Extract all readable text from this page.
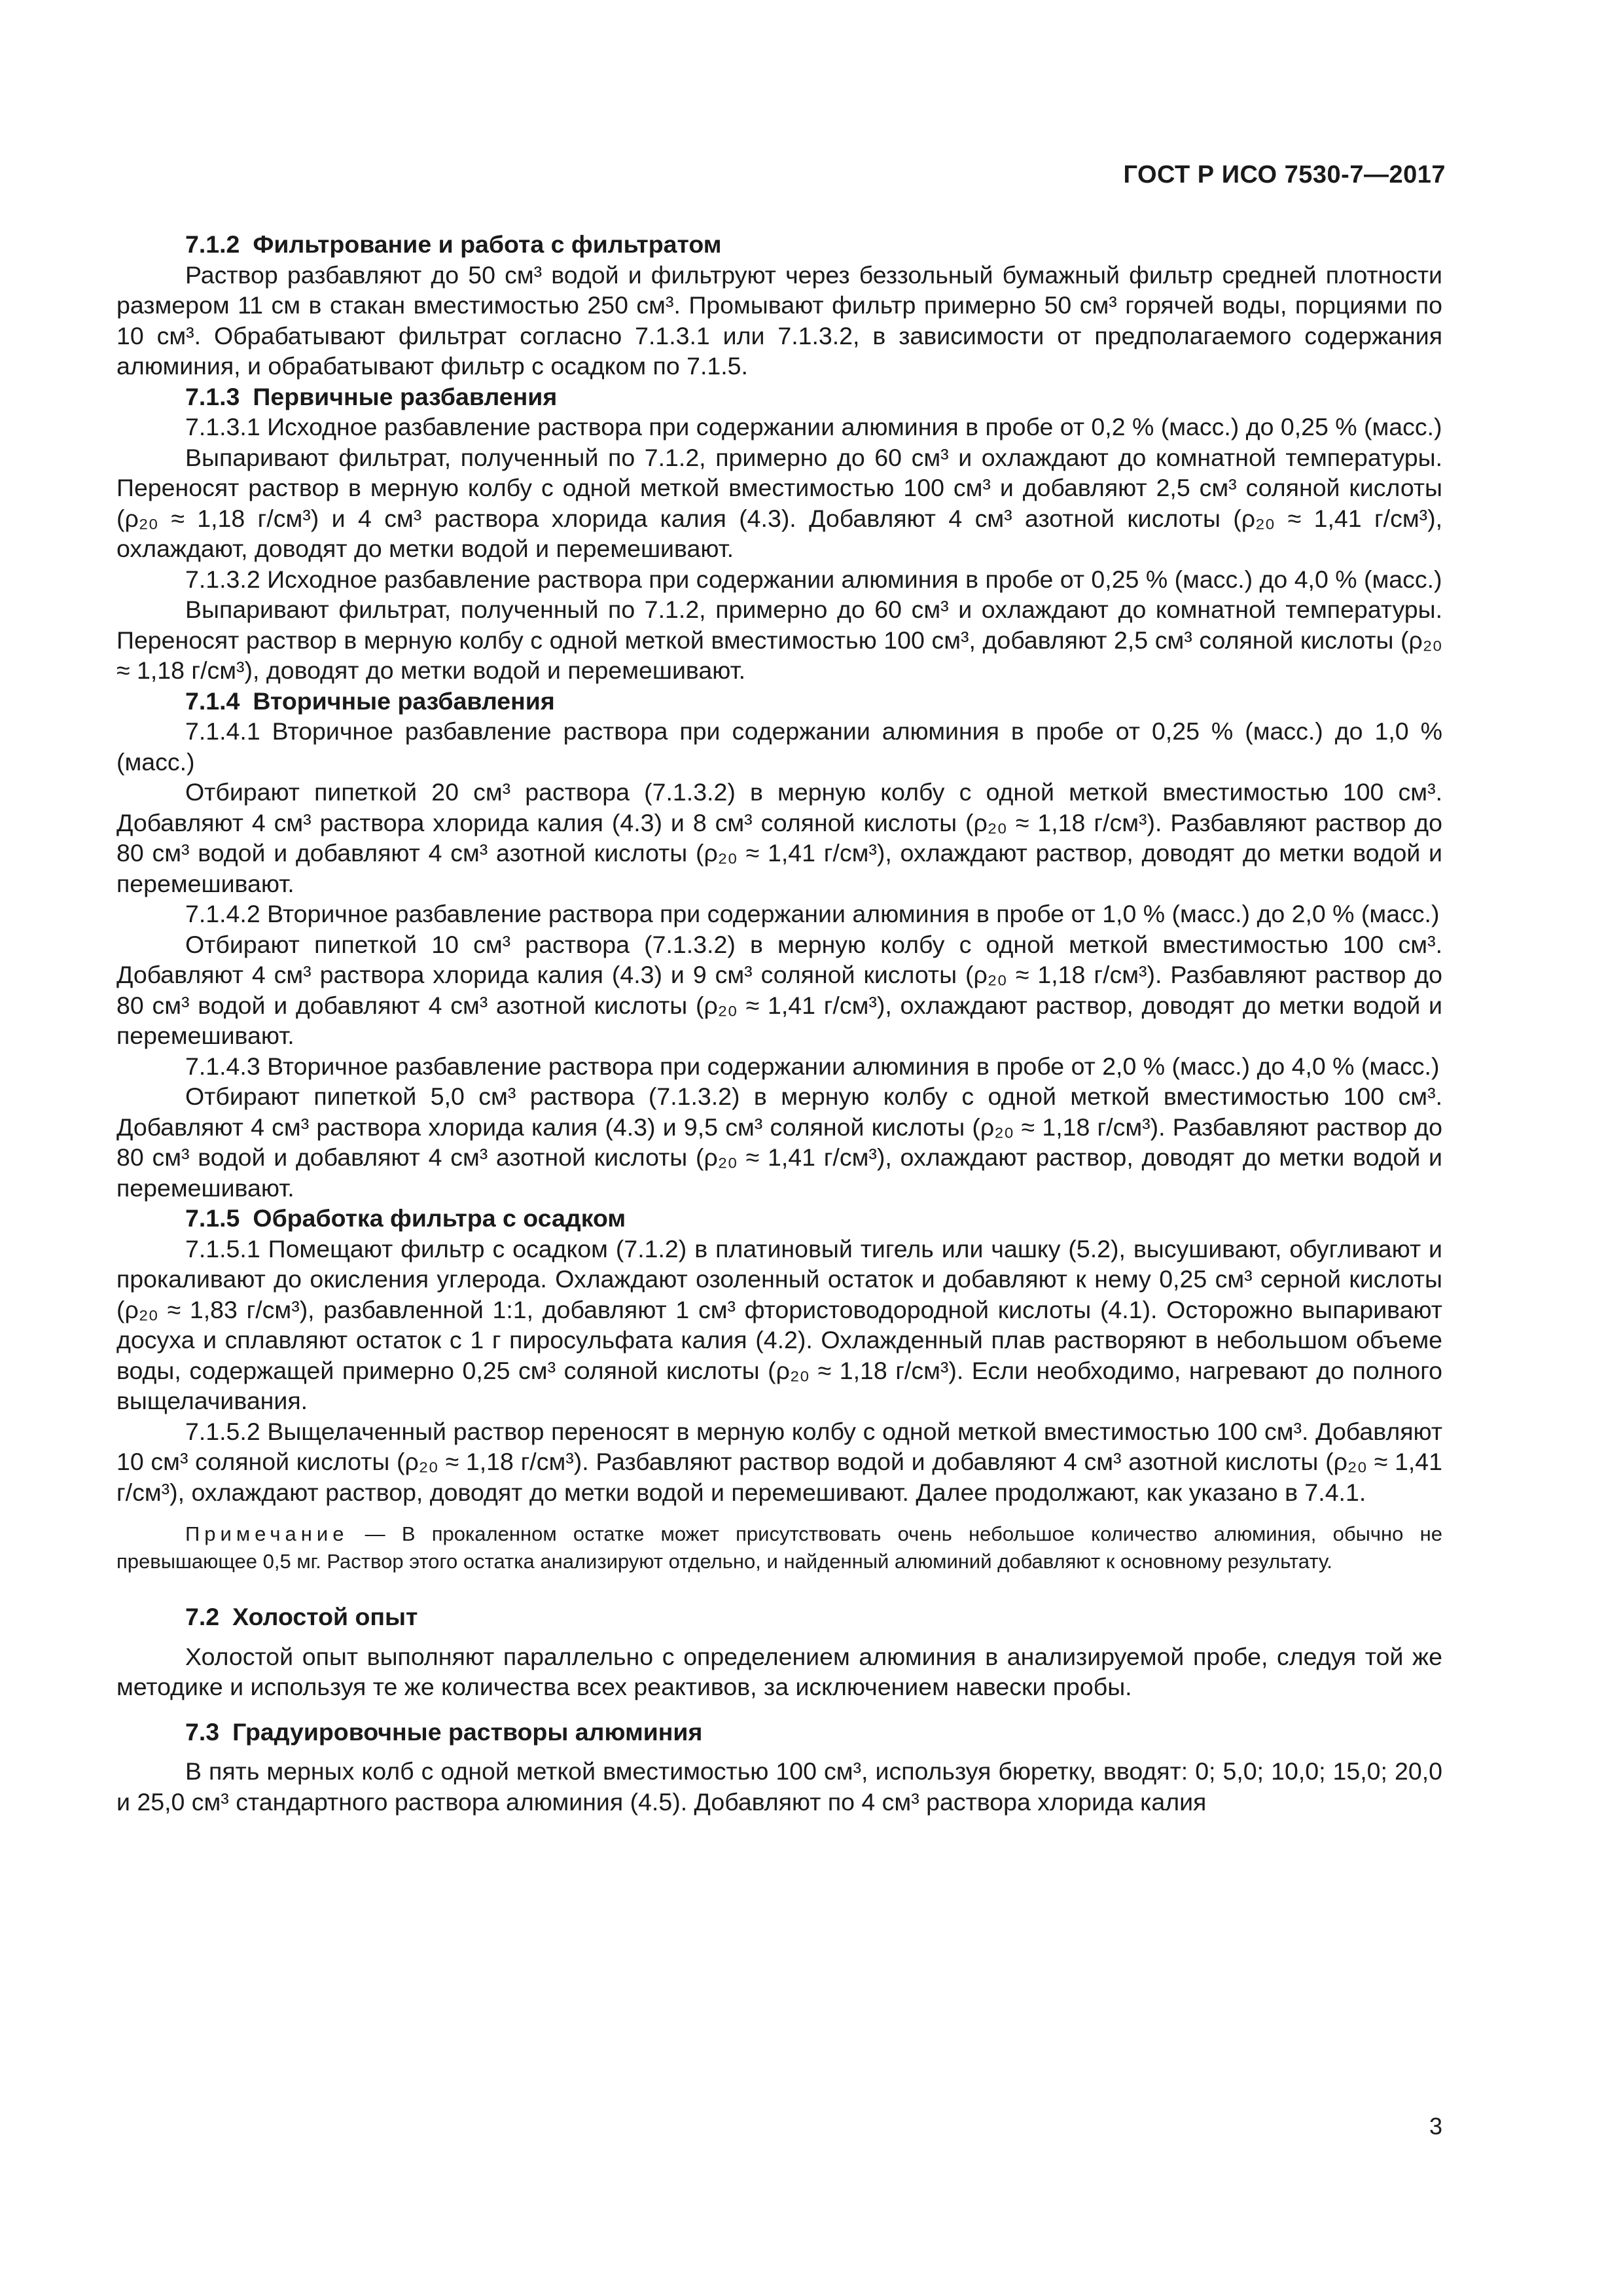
ГОСТ Р ИСО 7530-7—2017
7.1.2 Фильтрование и работа с фильтратом
Раствор разбавляют до 50 см³ водой и фильтруют через беззольный бумажный фильтр средней плотности размером 11 см в стакан вместимостью 250 см³. Промывают фильтр примерно 50 см³ горячей воды, порциями по 10 см³. Обрабатывают фильтрат согласно 7.1.3.1 или 7.1.3.2, в зависимости от предполагаемого содержания алюминия, и обрабатывают фильтр с осадком по 7.1.5.
7.1.3 Первичные разбавления
7.1.3.1 Исходное разбавление раствора при содержании алюминия в пробе от 0,2 % (масс.) до 0,25 % (масс.)
Выпаривают фильтрат, полученный по 7.1.2, примерно до 60 см³ и охлаждают до комнатной температуры. Переносят раствор в мерную колбу с одной меткой вместимостью 100 см³ и добавляют 2,5 см³ соляной кислоты (ρ₂₀ ≈ 1,18 г/см³) и 4 см³ раствора хлорида калия (4.3). Добавляют 4 см³ азотной кислоты (ρ₂₀ ≈ 1,41 г/см³), охлаждают, доводят до метки водой и перемешивают.
7.1.3.2 Исходное разбавление раствора при содержании алюминия в пробе от 0,25 % (масс.) до 4,0 % (масс.)
Выпаривают фильтрат, полученный по 7.1.2, примерно до 60 см³ и охлаждают до комнатной температуры. Переносят раствор в мерную колбу с одной меткой вместимостью 100 см³, добавляют 2,5 см³ соляной кислоты (ρ₂₀ ≈ 1,18 г/см³), доводят до метки водой и перемешивают.
7.1.4 Вторичные разбавления
7.1.4.1 Вторичное разбавление раствора при содержании алюминия в пробе от 0,25 % (масс.) до 1,0 % (масс.)
Отбирают пипеткой 20 см³ раствора (7.1.3.2) в мерную колбу с одной меткой вместимостью 100 см³. Добавляют 4 см³ раствора хлорида калия (4.3) и 8 см³ соляной кислоты (ρ₂₀ ≈ 1,18 г/см³). Разбавляют раствор до 80 см³ водой и добавляют 4 см³ азотной кислоты (ρ₂₀ ≈ 1,41 г/см³), охлаждают раствор, доводят до метки водой и перемешивают.
7.1.4.2 Вторичное разбавление раствора при содержании алюминия в пробе от 1,0 % (масс.) до 2,0 % (масс.)
Отбирают пипеткой 10 см³ раствора (7.1.3.2) в мерную колбу с одной меткой вместимостью 100 см³. Добавляют 4 см³ раствора хлорида калия (4.3) и 9 см³ соляной кислоты (ρ₂₀ ≈ 1,18 г/см³). Разбавляют раствор до 80 см³ водой и добавляют 4 см³ азотной кислоты (ρ₂₀ ≈ 1,41 г/см³), охлаждают раствор, доводят до метки водой и перемешивают.
7.1.4.3 Вторичное разбавление раствора при содержании алюминия в пробе от 2,0 % (масс.) до 4,0 % (масс.)
Отбирают пипеткой 5,0 см³ раствора (7.1.3.2) в мерную колбу с одной меткой вместимостью 100 см³. Добавляют 4 см³ раствора хлорида калия (4.3) и 9,5 см³ соляной кислоты (ρ₂₀ ≈ 1,18 г/см³). Разбавляют раствор до 80 см³ водой и добавляют 4 см³ азотной кислоты (ρ₂₀ ≈ 1,41 г/см³), охлаждают раствор, доводят до метки водой и перемешивают.
7.1.5 Обработка фильтра с осадком
7.1.5.1 Помещают фильтр с осадком (7.1.2) в платиновый тигель или чашку (5.2), высушивают, обугливают и прокаливают до окисления углерода. Охлаждают озоленный остаток и добавляют к нему 0,25 см³ серной кислоты (ρ₂₀ ≈ 1,83 г/см³), разбавленной 1:1, добавляют 1 см³ фтористоводородной кислоты (4.1). Осторожно выпаривают досуха и сплавляют остаток с 1 г пиросульфата калия (4.2). Охлажденный плав растворяют в небольшом объеме воды, содержащей примерно 0,25 см³ соляной кислоты (ρ₂₀ ≈ 1,18 г/см³). Если необходимо, нагревают до полного выщелачивания.
7.1.5.2 Выщелаченный раствор переносят в мерную колбу с одной меткой вместимостью 100 см³. Добавляют 10 см³ соляной кислоты (ρ₂₀ ≈ 1,18 г/см³). Разбавляют раствор водой и добавляют 4 см³ азотной кислоты (ρ₂₀ ≈ 1,41 г/см³), охлаждают раствор, доводят до метки водой и перемешивают. Далее продолжают, как указано в 7.4.1.
Примечание — В прокаленном остатке может присутствовать очень небольшое количество алюминия, обычно не превышающее 0,5 мг. Раствор этого остатка анализируют отдельно, и найденный алюминий добавляют к основному результату.
7.2 Холостой опыт
Холостой опыт выполняют параллельно с определением алюминия в анализируемой пробе, следуя той же методике и используя те же количества всех реактивов, за исключением навески пробы.
7.3 Градуировочные растворы алюминия
В пять мерных колб с одной меткой вместимостью 100 см³, используя бюретку, вводят: 0; 5,0; 10,0; 15,0; 20,0 и 25,0 см³ стандартного раствора алюминия (4.5). Добавляют по 4 см³ раствора хлорида калия
3
